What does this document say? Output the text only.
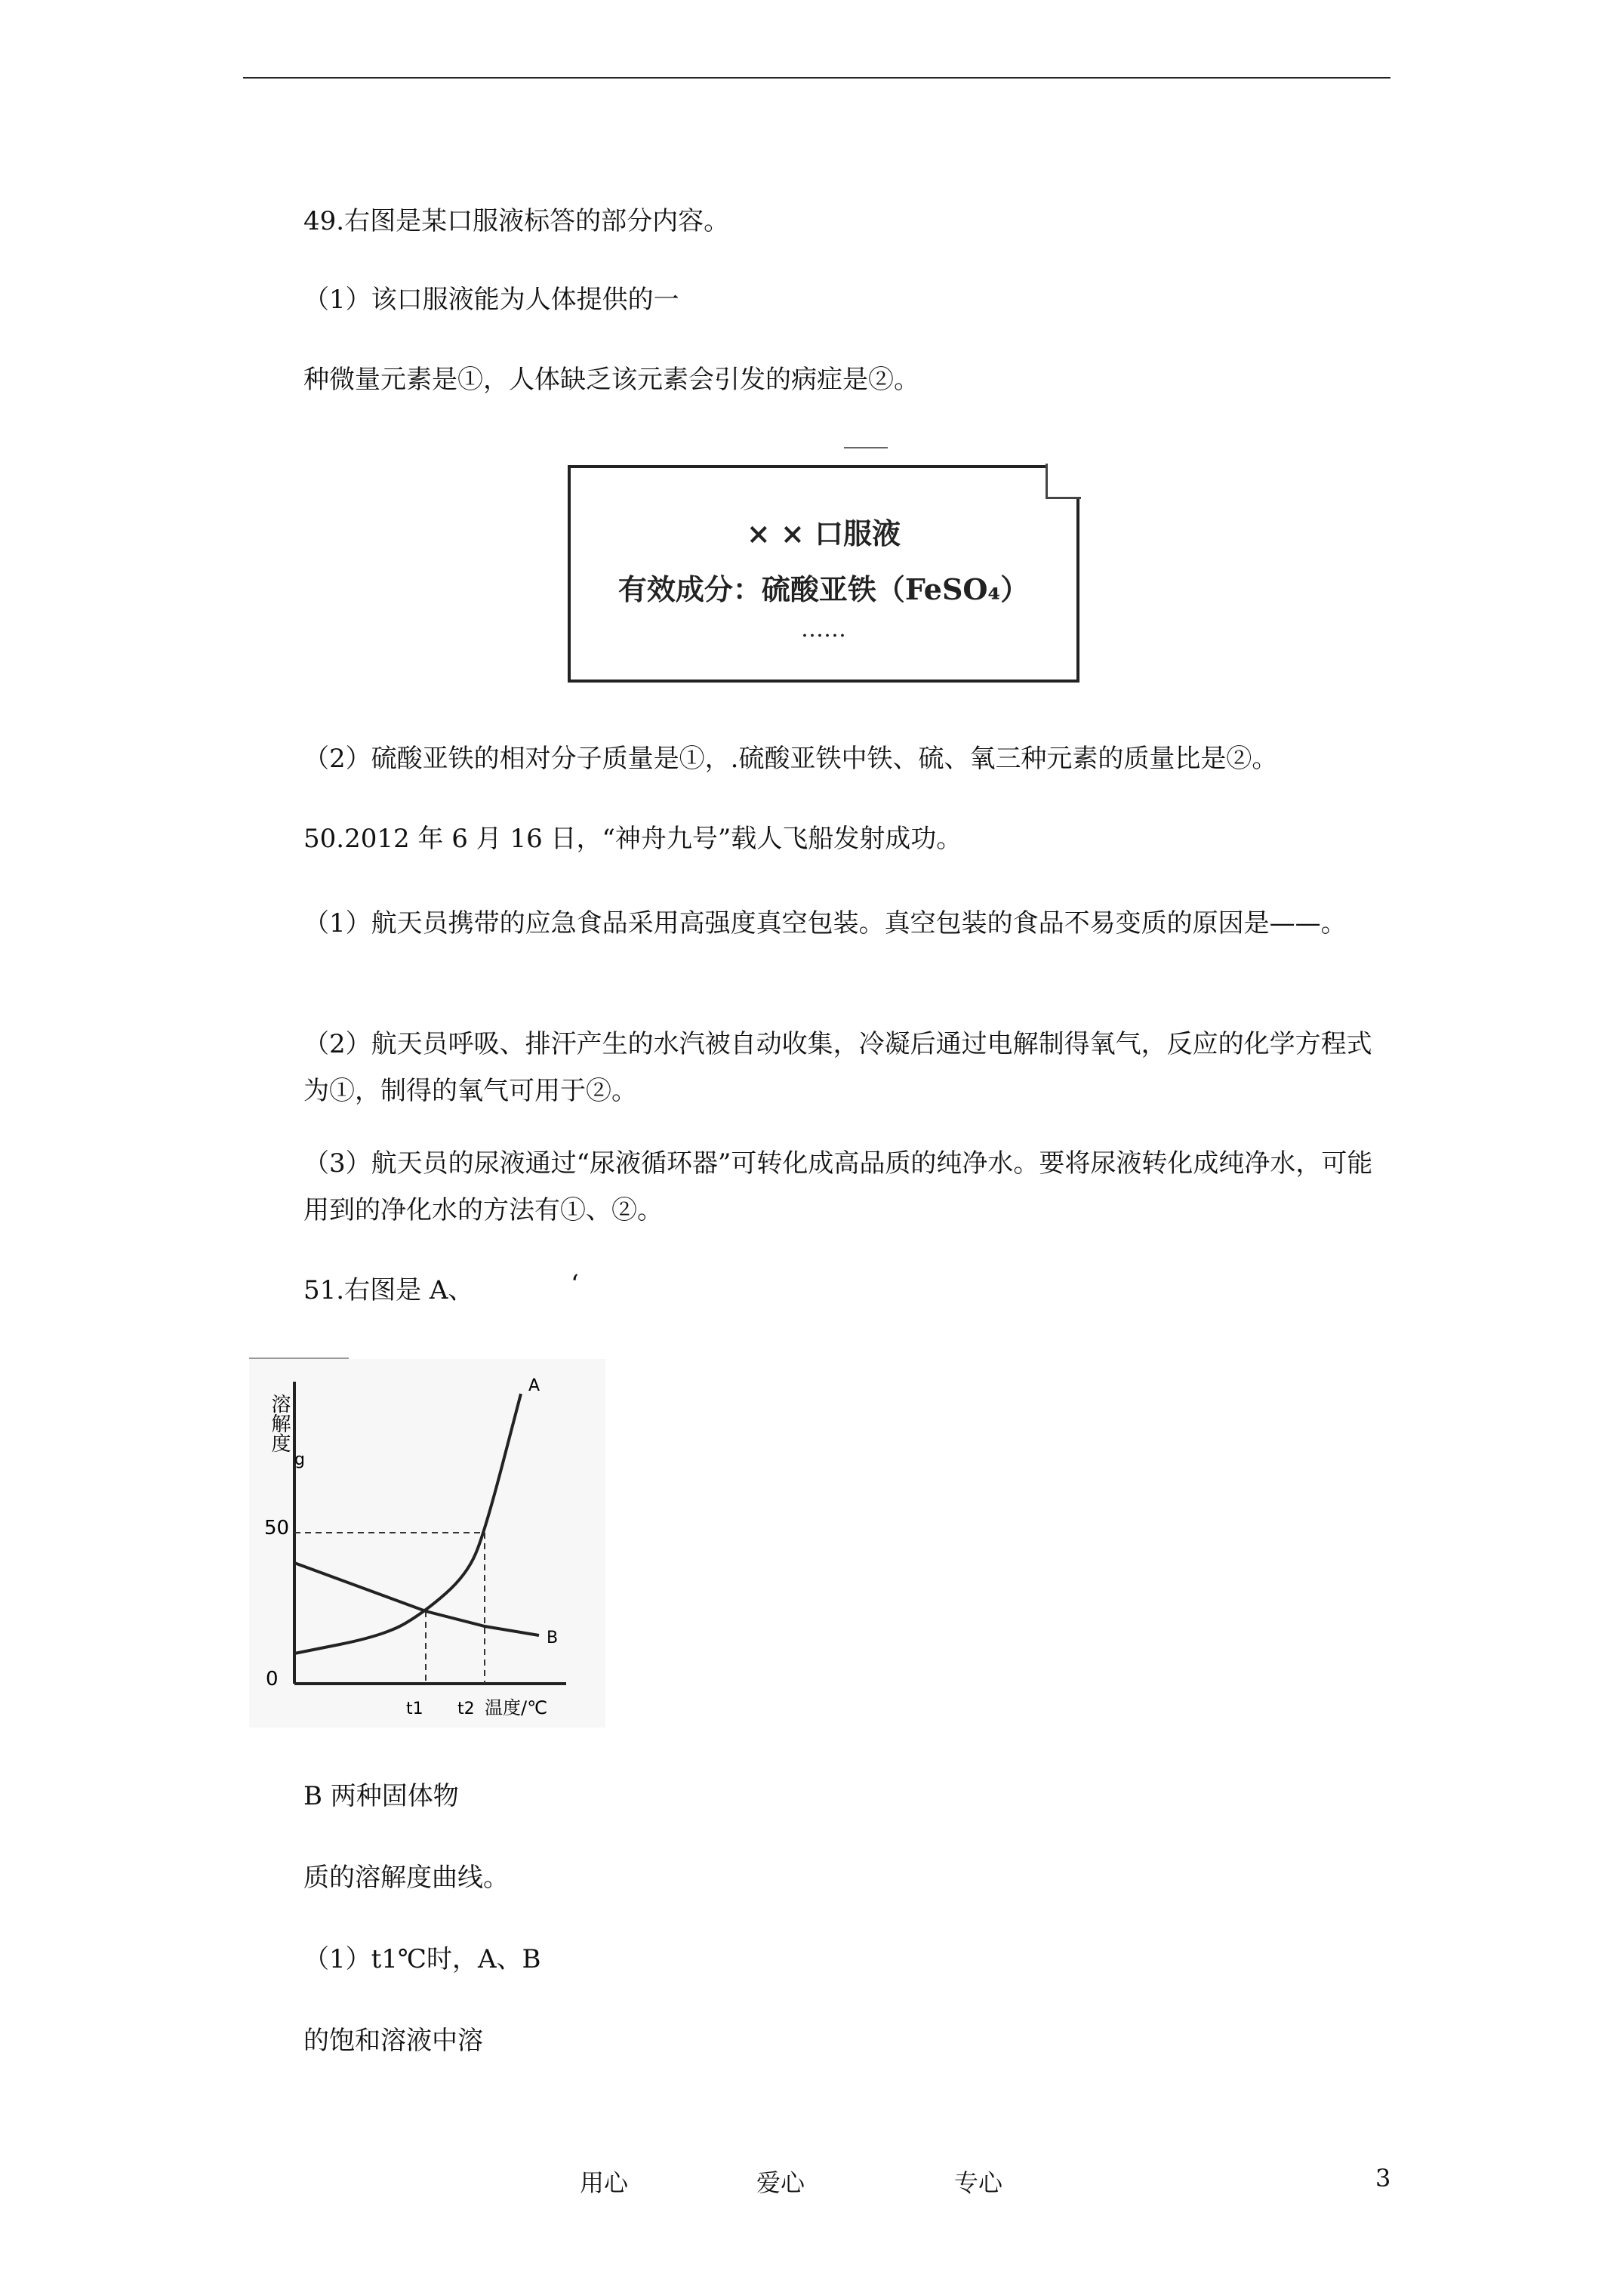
49.右图是某口服液标答的部分内容。
（1）该口服液能为人体提供的一
种微量元素是①，人体缺乏该元素会引发的病症是②。
× × 口服液
有效成分：硫酸亚铁（FeSO₄）
……
（2）硫酸亚铁的相对分子质量是①，.硫酸亚铁中铁、硫、氧三种元素的质量比是②。
50.2012 年 6 月 16 日，“神舟九号”载人飞船发射成功。
（1）航天员携带的应急食品采用高强度真空包装。真空包装的食品不易变质的原因是——。
（2）航天员呼吸、排汗产生的水汽被自动收集，冷凝后通过电解制得氧气，反应的化学方程式为①，制得的氧气可用于②。
（3）航天员的尿液通过“尿液循环器”可转化成高品质的纯净水。要将尿液转化成纯净水，可能用到的净化水的方法有①、②。
51.右图是 A、	‘
溶解度
g
50
0
t1 t2 温度/℃
A
B
B 两种固体物
质的溶解度曲线。
（1）t1℃时，A、B
的饱和溶液中溶
用心	爱心	专心	3
